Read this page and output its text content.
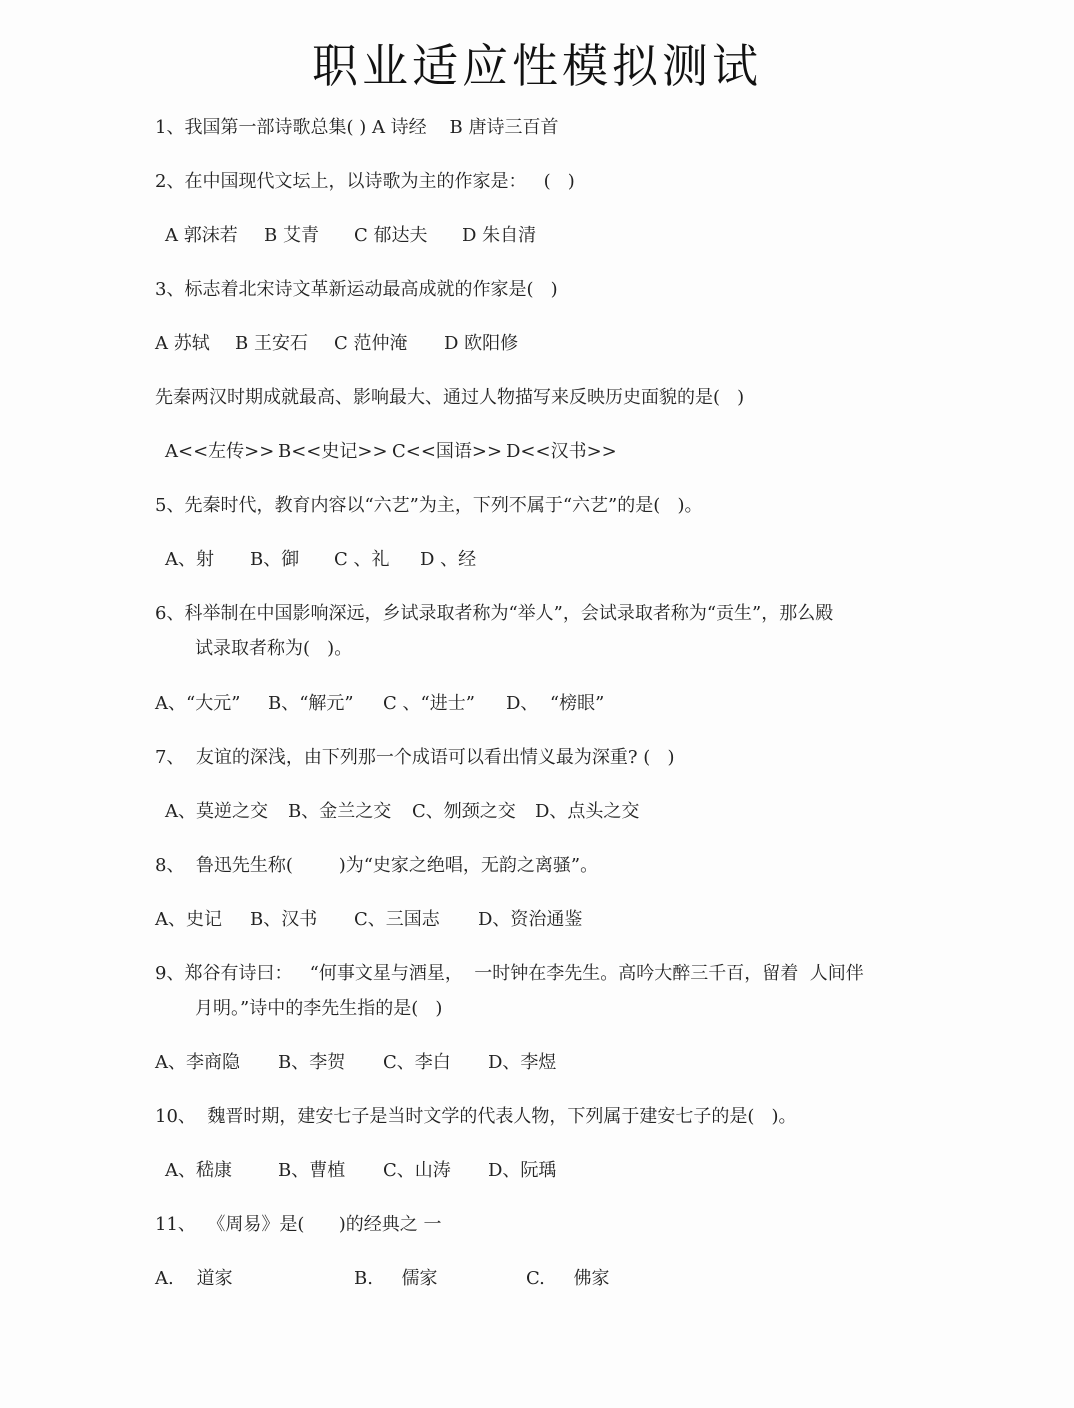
职业适应性模拟测试
1、我国第一部诗歌总集( ) A 诗经    B 唐诗三百首
2、在中国现代文坛上，以诗歌为主的作家是：   (   )
A 郭沫若 B 艾青 C 郁达夫 D 朱自清
3、标志着北宋诗文革新运动最高成就的作家是(   )
A 苏轼 B 王安石 C 范仲淹 D 欧阳修
先秦两汉时期成就最高、影响最大、通过人物描写来反映历史面貌的是(   )
A<<左传>> B<<史记>> C<<国语>> D<<汉书>>
5、先秦时代，教育内容以“六艺”为主，下列不属于“六艺”的是(   )。
A、射 B、御 C 、礼 D 、经
6、科举制在中国影响深远，乡试录取者称为“举人”，会试录取者称为“贡生”，那么殿
试录取者称为(   )。
A、“大元” B、“解元” C 、“进士” D、  “榜眼”
7、  友谊的深浅，由下列那一个成语可以看出情义最为深重? (   )
A、莫逆之交 B、金兰之交 C、刎颈之交 D、点头之交
8、  鲁迅先生称(        )为“史家之绝唱，无韵之离骚”。
A、史记 B、汉书 C、三国志 D、资治通鉴
9、郑谷有诗曰：   “何事文星与酒星，  一时钟在李先生。高吟大醉三千百，留着  人间伴
月明。”诗中的李先生指的是(   )
A、李商隐 B、李贺 C、李白 D、李煜
10、  魏晋时期，建安七子是当时文学的代表人物，下列属于建安七子的是(   )。
A、嵇康	B、曹植 C、山涛 D、阮瑀
11、  《周易》是(      )的经典之 一
A.    道家	B.     儒家	C.     佛家
